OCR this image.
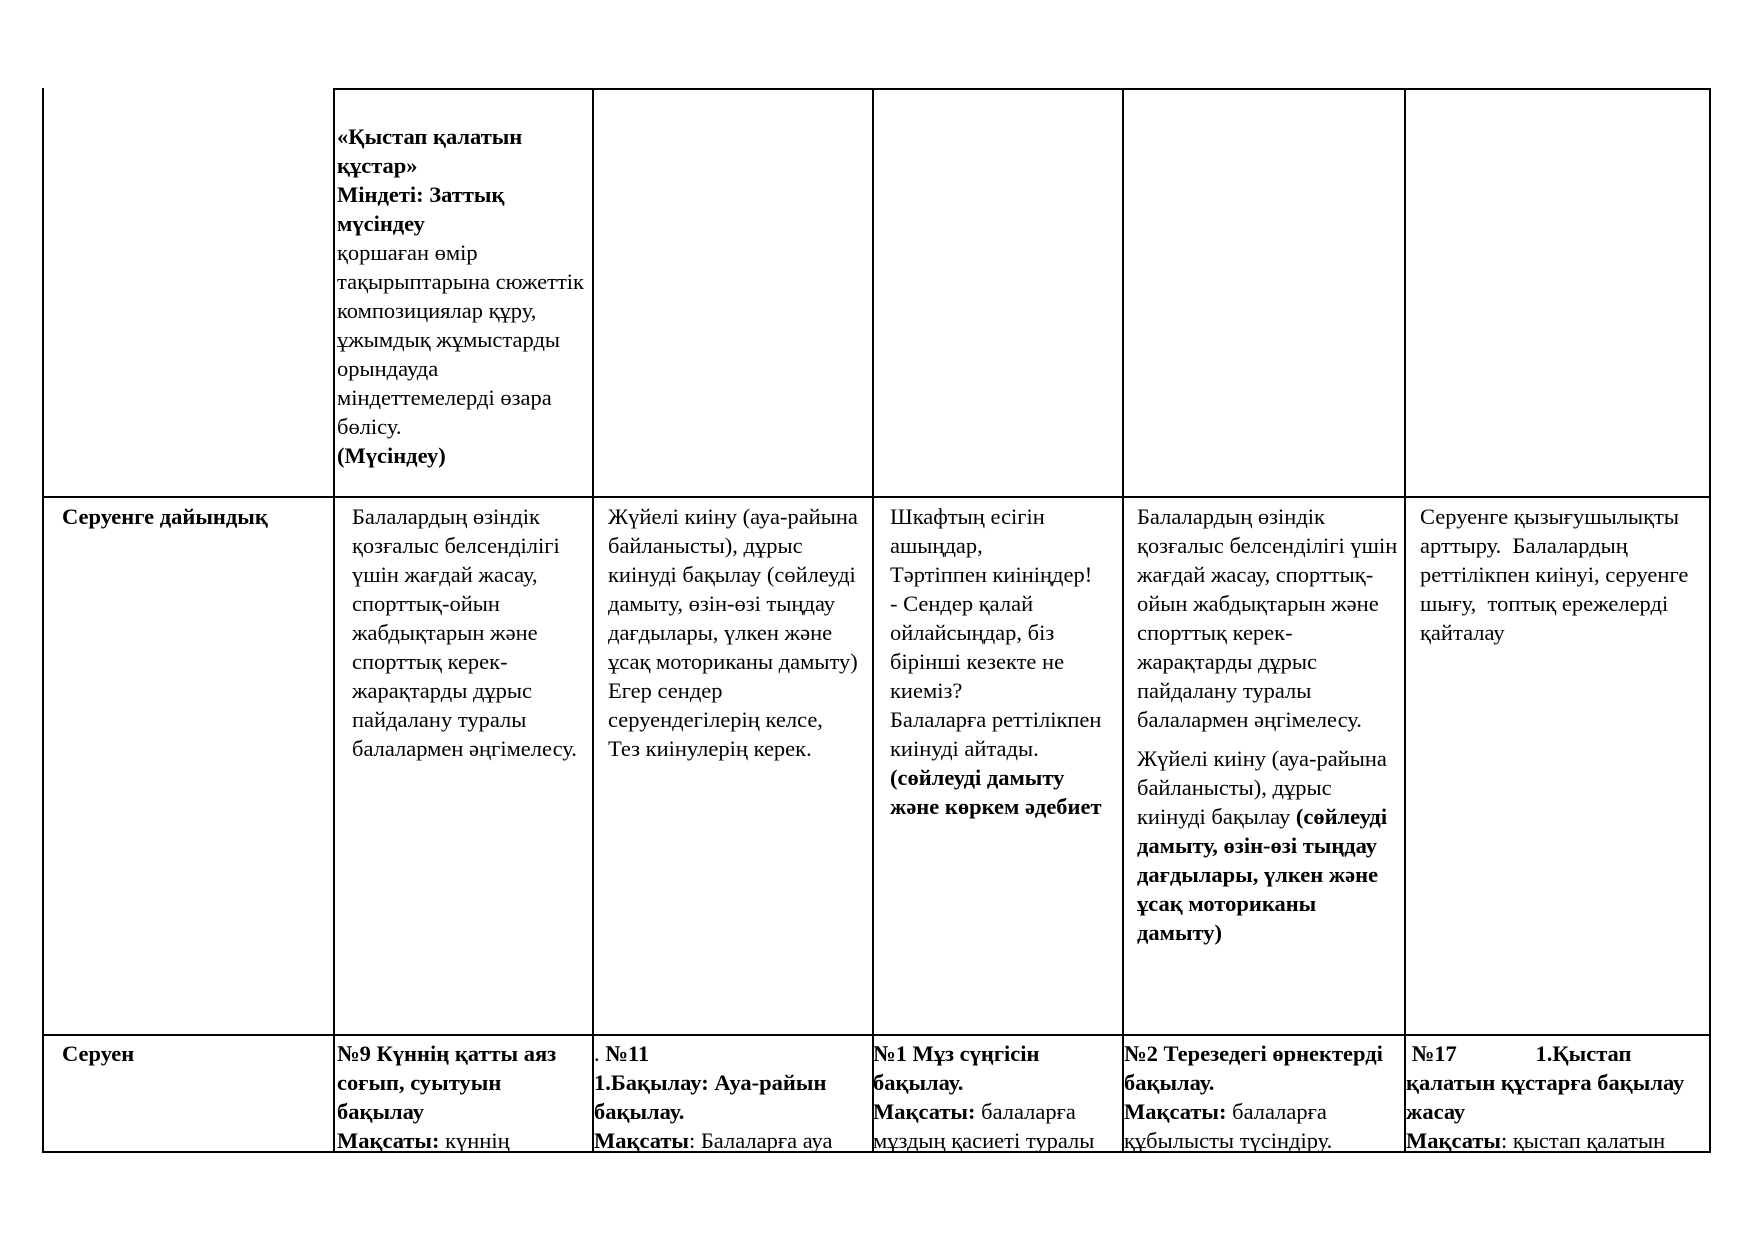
Серуенге дайындық
Серуен
«Қыстап қалатын құстар»
Міндеті: Заттық мүсіндеу
қоршаған өмір тақырыптарына сюжеттік композициялар құру, ұжымдық жұмыстарды орындауда міндеттемелерді өзара бөлісу.
(Мүсіндеу)
Балалардың өзіндік қозғалыс белсенділігі үшін жағдай жасау, спорттық-ойын жабдықтарын және спорттық керек-жарақтарды дұрыс пайдалану туралы балалармен әңгімелесу.
Жүйелі киіну (ауа-райына байланысты), дұрыс киінуді бақылау (сөйлеуді дамыту, өзін-өзі тыңдау дағдылары, үлкен және ұсақ моториканы дамыту)
Егер сендер серуендегілерің келсе,
Тез киінулерің керек.
Шкафтың есігін ашыңдар,
Тәртіппен киініңдер!
- Сендер қалай ойлайсыңдар, біз бірінші кезекте не киеміз?
Балаларға реттілікпен киінуді айтады. (сөйлеуді дамыту және көркем әдебиет
Балалардың өзіндік қозғалыс белсенділігі үшін жағдай жасау, спорттық-ойын жабдықтарын және спорттық керек-жарақтарды дұрыс пайдалану туралы балалармен әңгімелесу.
Жүйелі киіну (ауа-райына байланысты), дұрыс киінуді бақылау (сөйлеуді дамыту, өзін-өзі тыңдау дағдылары, үлкен және ұсақ моториканы дамыту)
Серуенге қызығушылықты арттыру.  Балалардың реттілікпен киінуі, серуенге шығу,  топтық ережелерді қайталау
№9 Күннің қатты аяз соғып, суытуын бақылау
Мақсаты: күннің
. №11
1.Бақылау: Ауа-райын бақылау.
Мақсаты: Балаларға ауа
№1 Мұз сүңгісін бақылау.
Мақсаты: балаларға мұздың қасиеті туралы
№2 Терезедегі өрнектерді бақылау.
Мақсаты: балаларға құбылысты түсіндіру.
№17              1.Қыстап қалатын құстарға бақылау жасау
Мақсаты: қыстап қалатын
